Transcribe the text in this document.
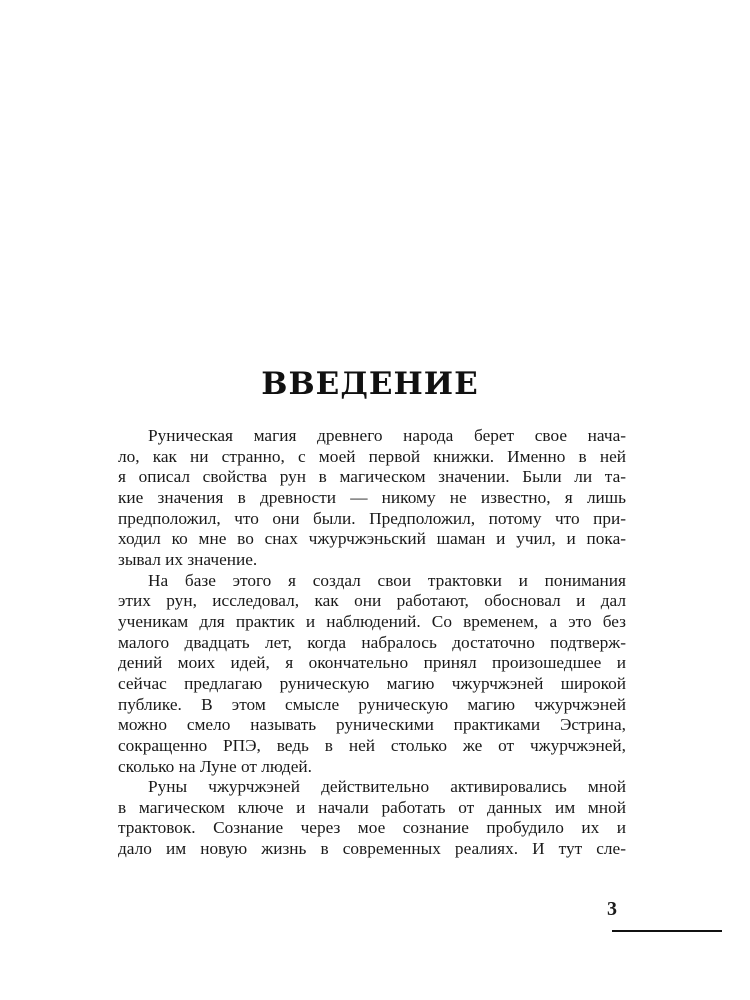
ВВЕДЕНИЕ
Руническая магия древнего народа берет свое нача-
ло, как ни странно, с моей первой книжки. Именно в ней
я описал свойства рун в магическом значении. Были ли та-
кие значения в древности — никому не известно, я лишь
предположил, что они были. Предположил, потому что при-
ходил ко мне во снах чжурчжэньский шаман и учил, и пока-
зывал их значение.
На базе этого я создал свои трактовки и понимания
этих рун, исследовал, как они работают, обосновал и дал
ученикам для практик и наблюдений. Со временем, а это без
малого двадцать лет, когда набралось достаточно подтверж-
дений моих идей, я окончательно принял произошедшее и
сейчас предлагаю руническую магию чжурчжэней широкой
публике. В этом смысле руническую магию чжурчжэней
можно смело называть руническими практиками Эстрина,
сокращенно РПЭ, ведь в ней столько же от чжурчжэней,
сколько на Луне от людей.
Руны чжурчжэней действительно активировались мной
в магическом ключе и начали работать от данных им мной
трактовок. Сознание через мое сознание пробудило их и
дало им новую жизнь в современных реалиях. И тут сле-
3
